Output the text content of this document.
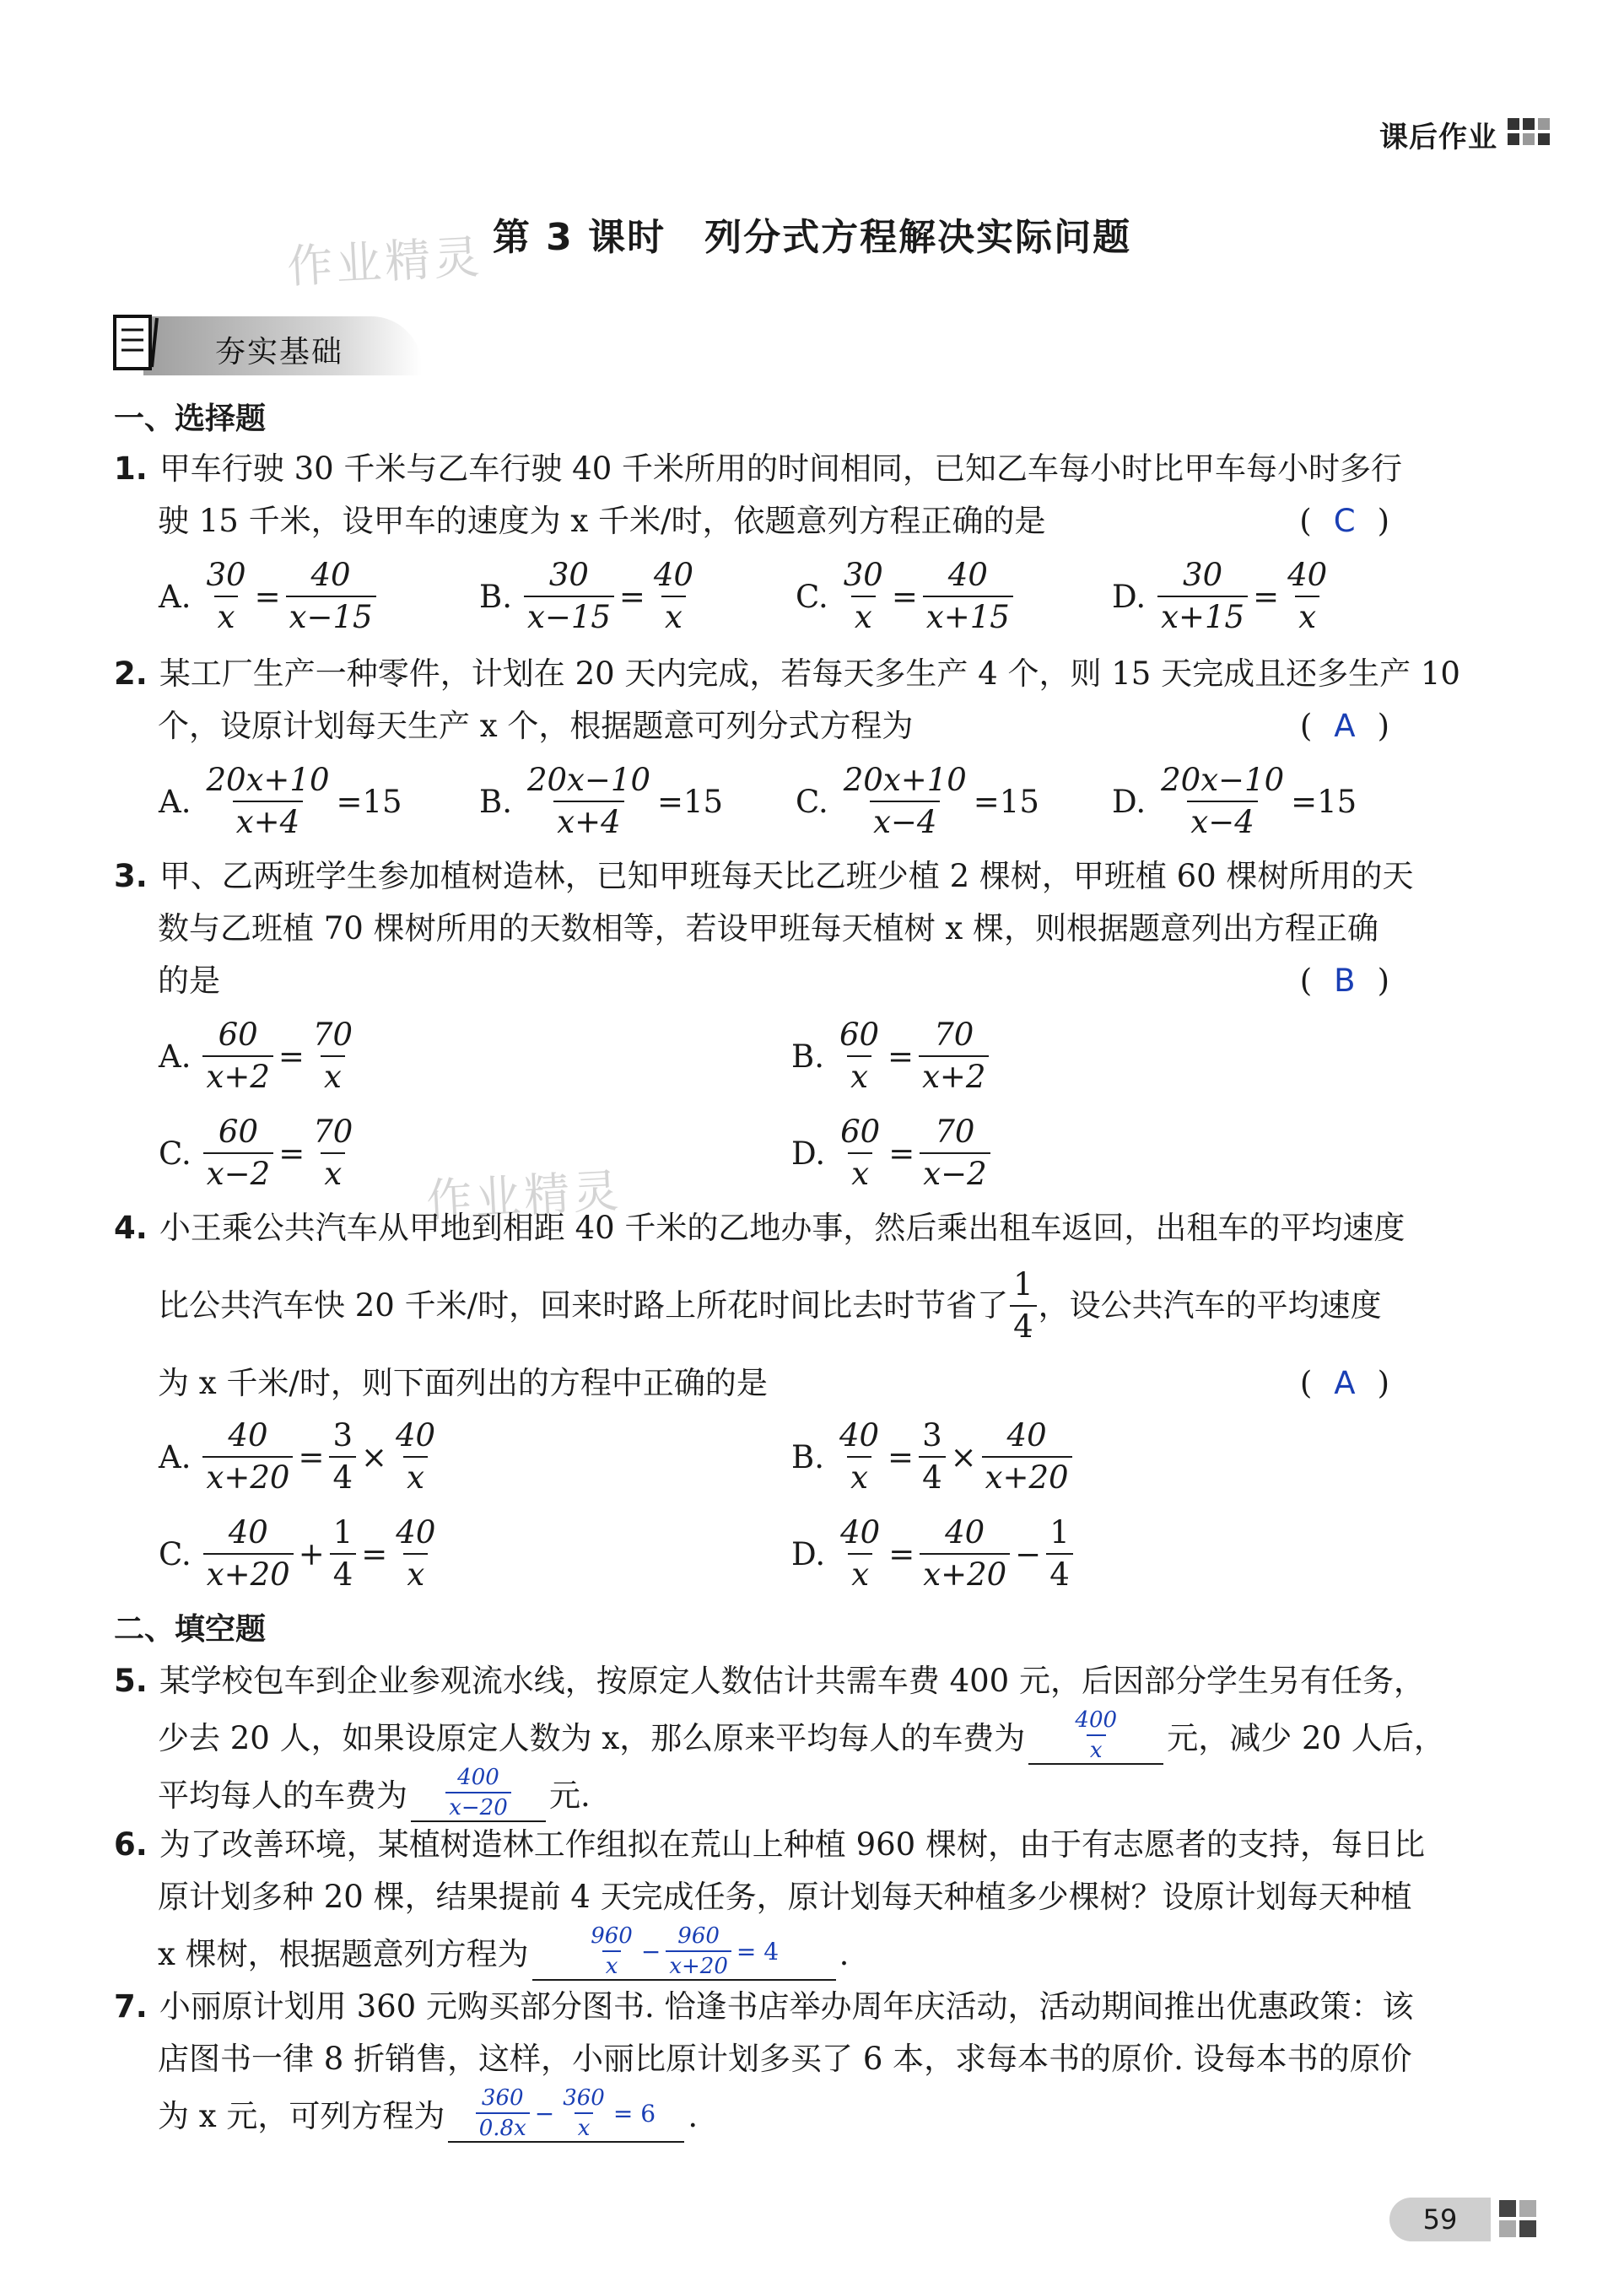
课后作业
第 3 课时　列分式方程解决实际问题
作业精灵
夯实基础
一、选择题
1. 甲车行驶 30 千米与乙车行驶 40 千米所用的时间相同，已知乙车每小时比甲车每小时多行
驶 15 千米，设甲车的速度为 x 千米/时，依题意列方程正确的是	( C )
A. $\frac{30}{x} = \frac{40}{x-15}$	B. $\frac{30}{x-15} = \frac{40}{x}$	C. $\frac{30}{x} = \frac{40}{x+15}$	D. $\frac{30}{x+15} = \frac{40}{x}$
2. 某工厂生产一种零件，计划在 20 天内完成，若每天多生产 4 个，则 15 天完成且还多生产 10
个，设原计划每天生产 x 个，根据题意可列分式方程为	( A )
A. $\frac{20x+10}{x+4} =15$ B. $\frac{20x-10}{x+4} =15$ C. $\frac{20x+10}{x-4} =15$ D. $\frac{20x-10}{x-4} =15$
3. 甲、乙两班学生参加植树造林，已知甲班每天比乙班少植 2 棵树，甲班植 60 棵树所用的天
数与乙班植 70 棵树所用的天数相等，若设甲班每天植树 x 棵，则根据题意列出方程正确
的是	( B )
A. $\frac{60}{x+2} = \frac{70}{x}$	B. $\frac{60}{x} = \frac{70}{x+2}$
C. $\frac{60}{x-2} = \frac{70}{x}$	D. $\frac{60}{x} = \frac{70}{x-2}$
作业精灵
4. 小王乘公共汽车从甲地到相距 40 千米的乙地办事，然后乘出租车返回，出租车的平均速度
比公共汽车快 20 千米/时，回来时路上所花时间比去时节省了 $\frac{1}{4}$ ，设公共汽车的平均速度
为 x 千米/时，则下面列出的方程中正确的是	( A )
A. $\frac{40}{x+20} = \frac{3}{4} \times \frac{40}{x}$	B. $\frac{40}{x} = \frac{3}{4} \times \frac{40}{x+20}$
C. $\frac{40}{x+20} + \frac{1}{4} = \frac{40}{x}$	D. $\frac{40}{x} = \frac{40}{x+20} - \frac{1}{4}$
二、填空题
5. 某学校包车到企业参观流水线，按原定人数估计共需车费 400 元，后因部分学生另有任务，
少去 20 人，如果设原定人数为 x，那么原来平均每人的车费为 $\frac{400}{x}$ 元，减少 20 人后，
平均每人的车费为 $\frac{400}{x-20}$ 元.
6. 为了改善环境，某植树造林工作组拟在荒山上种植 960 棵树，由于有志愿者的支持，每日比
原计划多种 20 棵，结果提前 4 天完成任务，原计划每天种植多少棵树？设原计划每天种植
x 棵树，根据题意列方程为	$\frac{960}{x} - \frac{960}{x+20} = 4$ .
7. 小丽原计划用 360 元购买部分图书. 恰逢书店举办周年庆活动，活动期间推出优惠政策：该
店图书一律 8 折销售，这样，小丽比原计划多买了 6 本，求每本书的原价. 设每本书的原价
为 x 元，可列方程为 $\frac{360}{0.8x} - \frac{360}{x} = 6$ .
59
